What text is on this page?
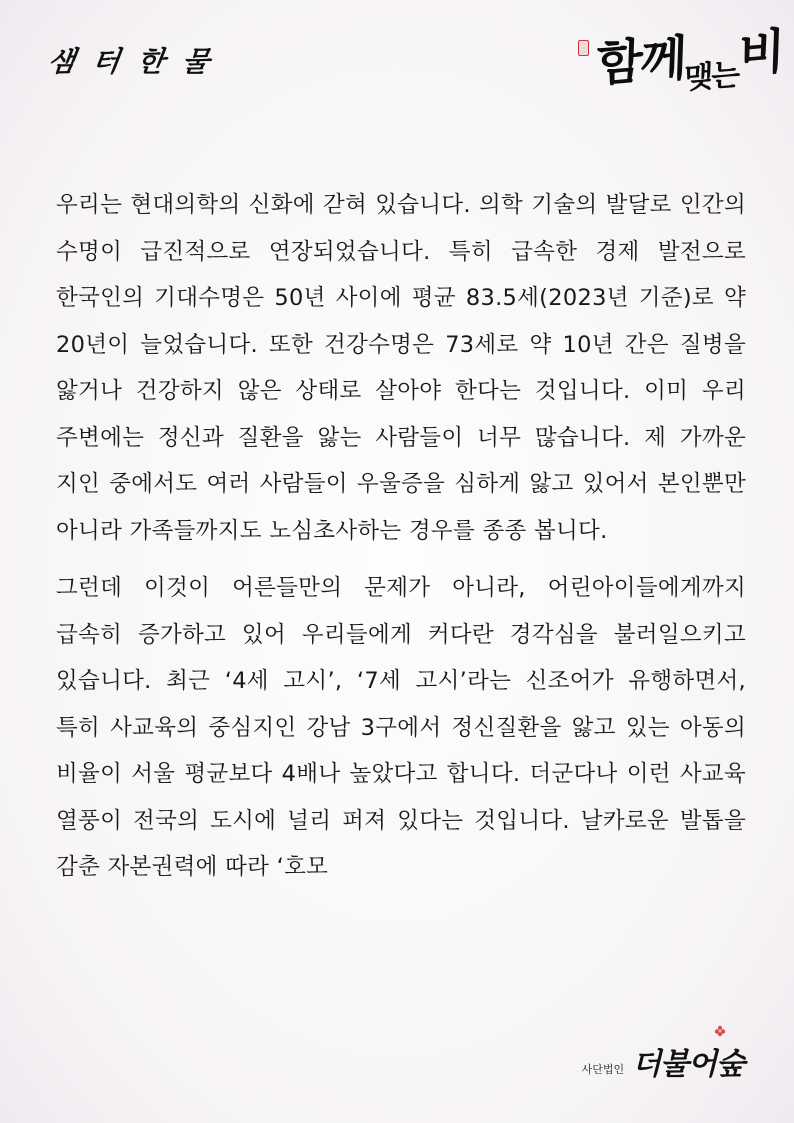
샘 터 한 물	함께$_{맺는}$비

우리는 현대의학의 신화에 갇혀 있습니다. 의학 기술의 발달로 인간의 수명이 급진적으로 연장되었습니다. 특히 급속한 경제 발전으로 한국인의 기대수명은 50년 사이에 평균 83.5세(2023년 기준)로 약 20년이 늘었습니다. 또한 건강수명은 73세로 약 10년 간은 질병을 앓거나 건강하지 않은 상태로 살아야 한다는 것입니다. 이미 우리 주변에는 정신과 질환을 앓는 사람들이 너무 많습니다. 제 가까운 지인 중에서도 여러 사람들이 우울증을 심하게 앓고 있어서 본인뿐만 아니라 가족들까지도 노심초사하는 경우를 종종 봅니다.

그런데 이것이 어른들만의 문제가 아니라, 어린아이들에게까지 급속히 증가하고 있어 우리들에게 커다란 경각심을 불러일으키고 있습니다. 최근 ‘4세 고시’, ‘7세 고시’라는 신조어가 유행하면서, 특히 사교육의 중심지인 강남 3구에서 정신질환을 앓고 있는 아동의 비율이 서울 평균보다 4배나 높았다고 합니다. 더군다나 이런 사교육 열풍이 전국의 도시에 널리 퍼져 있다는 것입니다. 날카로운 발톱을 감춘 자본권력에 따라 ‘호모

사단법인 더불어숲
